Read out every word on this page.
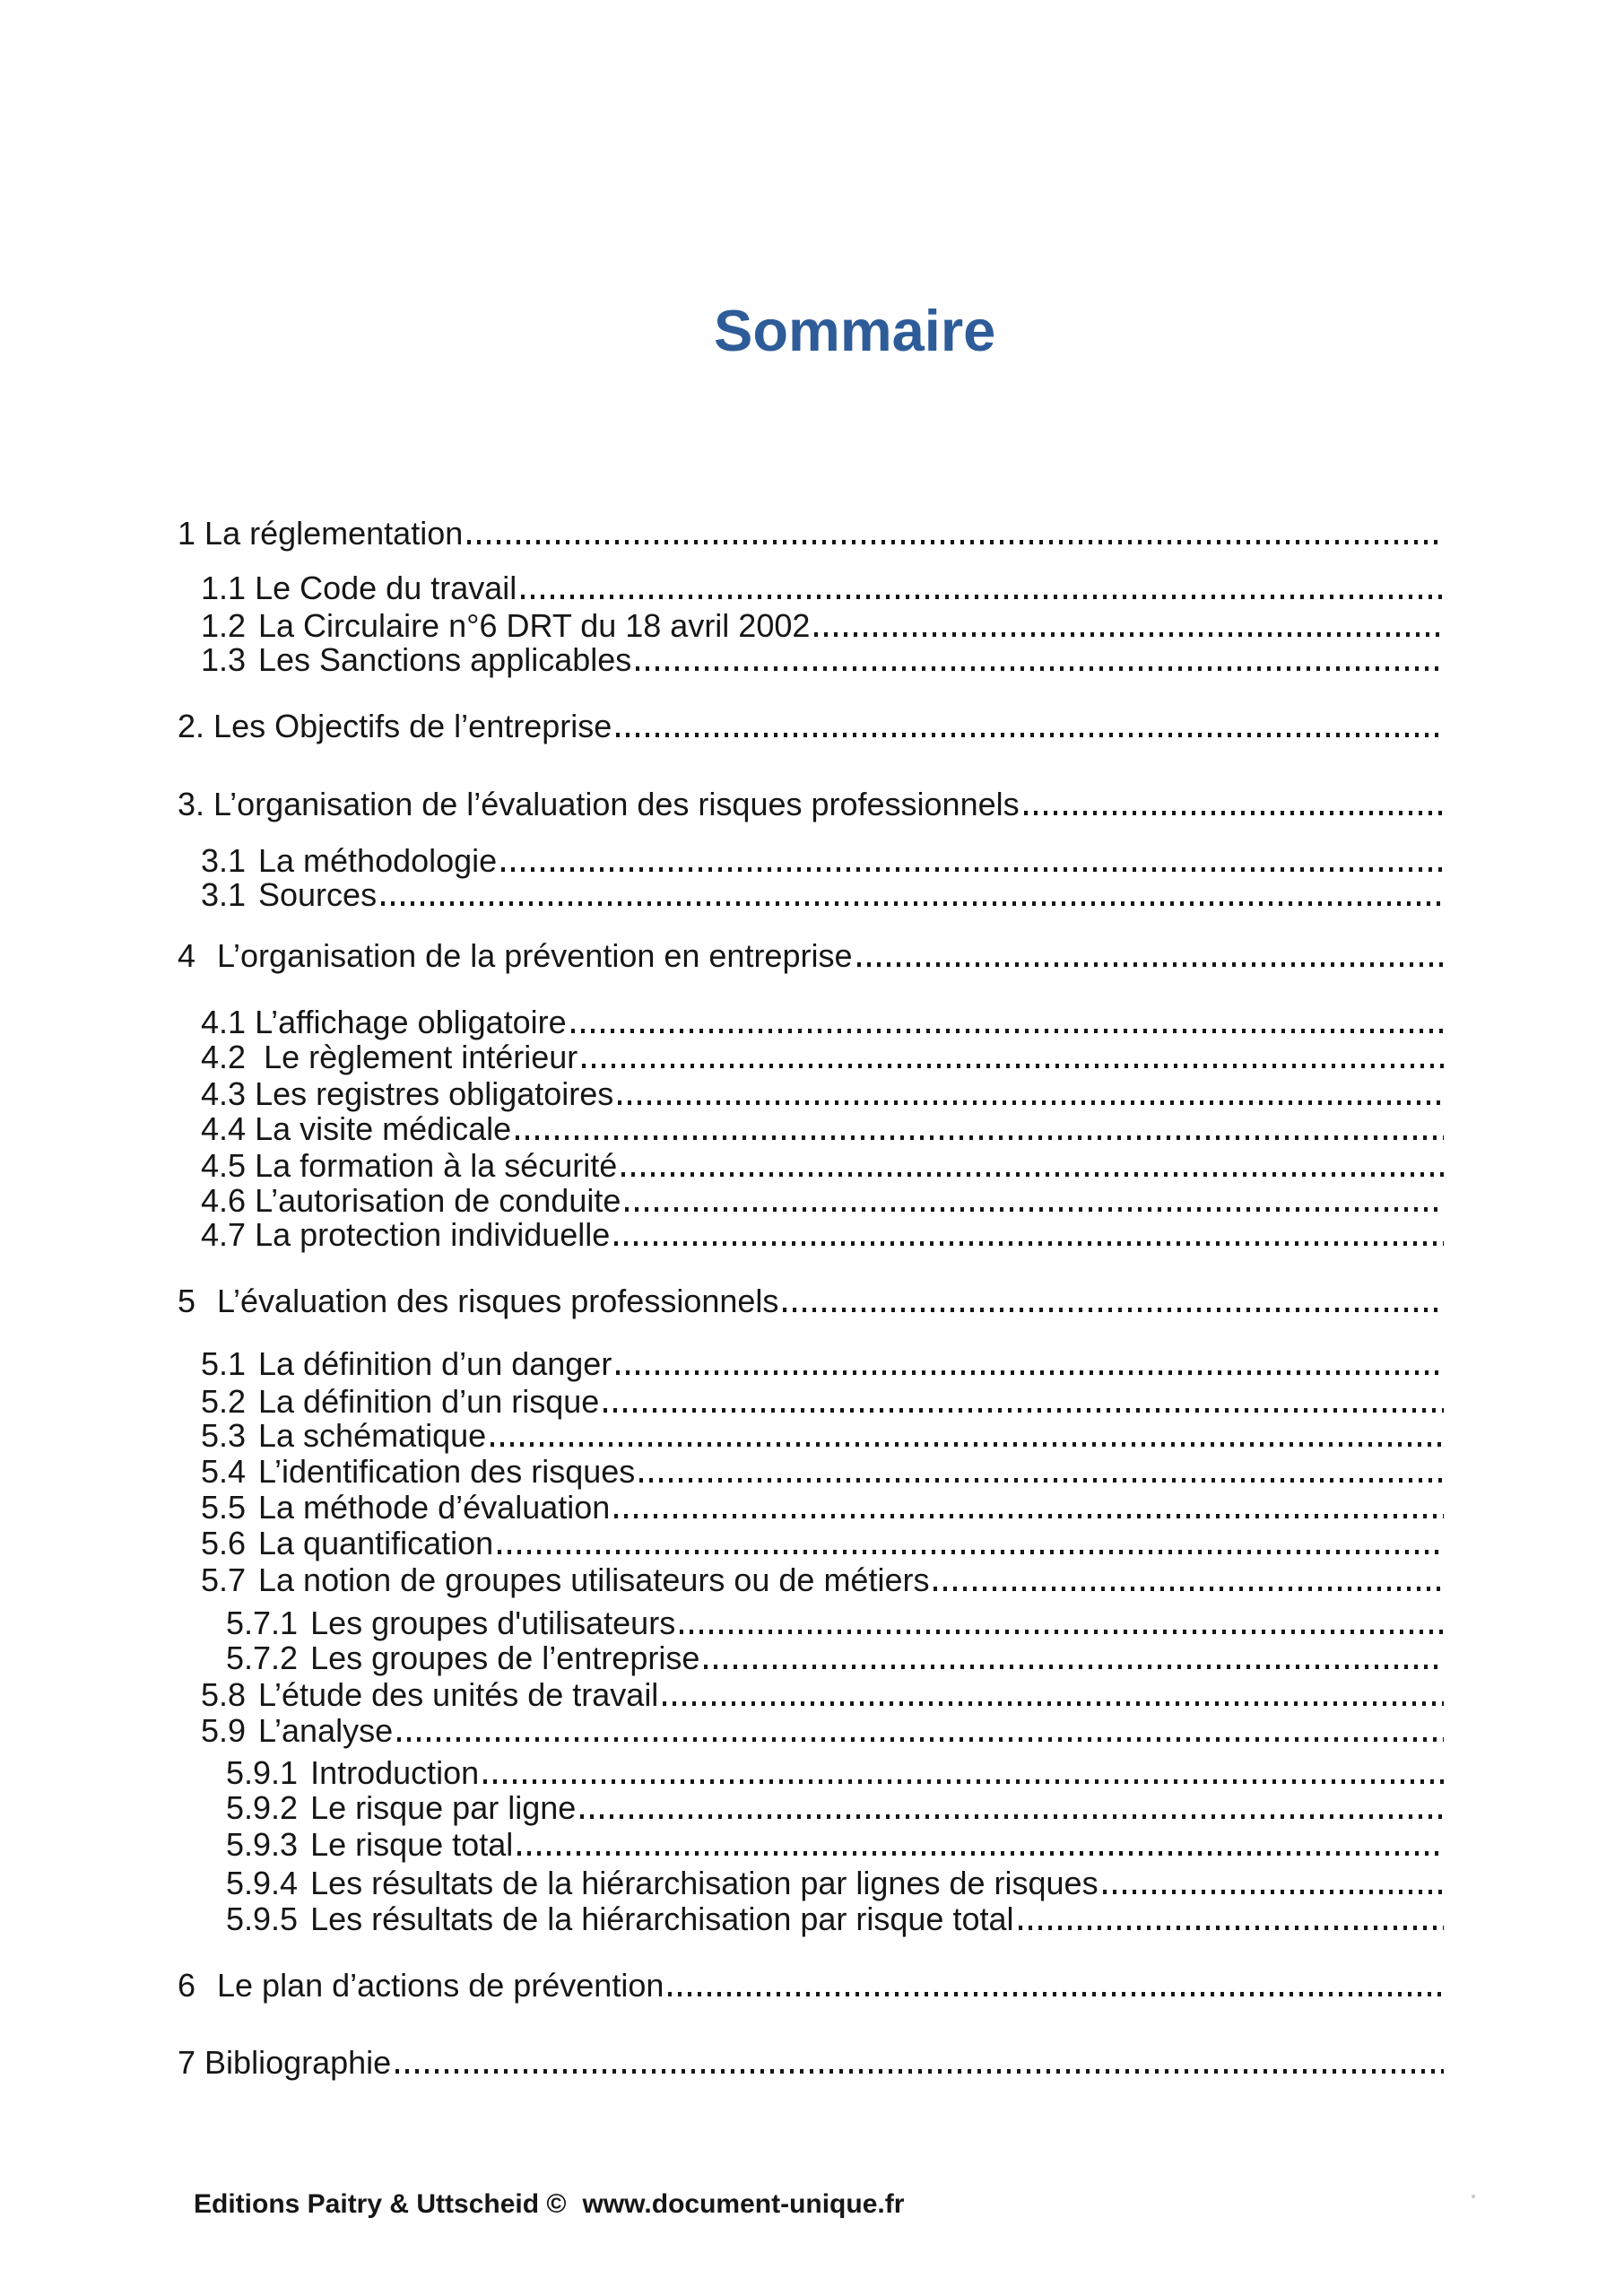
Sommaire
1
La réglementation
1.1
Le Code du travail
1.2 La Circulaire n°6 DRT du 18 avril 2002
1.3 Les Sanctions applicables
2.
Les Objectifs de l’entreprise
3.
L’organisation de l’évaluation des risques professionnels
3.1 La méthodologie
3.1 Sources
4 L’organisation de la prévention en entreprise
4.1
L’affichage obligatoire
4.2
Le règlement intérieur
4.3
Les registres obligatoires
4.4
La visite médicale
4.5
La formation à la sécurité
4.6
L’autorisation de conduite
4.7
La protection individuelle
5 L’évaluation des risques professionnels
5.1 La définition d’un danger
5.2 La définition d’un risque
5.3 La schématique
5.4 L’identification des risques
5.5 La méthode d’évaluation
5.6 La quantification
5.7 La notion de groupes utilisateurs ou de métiers
5.7.1 Les groupes d'utilisateurs
5.7.2 Les groupes de l’entreprise
5.8 L’étude des unités de travail
5.9 L’analyse
5.9.1 Introduction
5.9.2 Le risque par ligne
5.9.3 Le risque total
5.9.4 Les résultats de la hiérarchisation par lignes de risques
5.9.5 Les résultats de la hiérarchisation par risque total
6 Le plan d’actions de prévention
7
Bibliographie
Editions Paitry & Uttscheid © www.document-unique.fr
